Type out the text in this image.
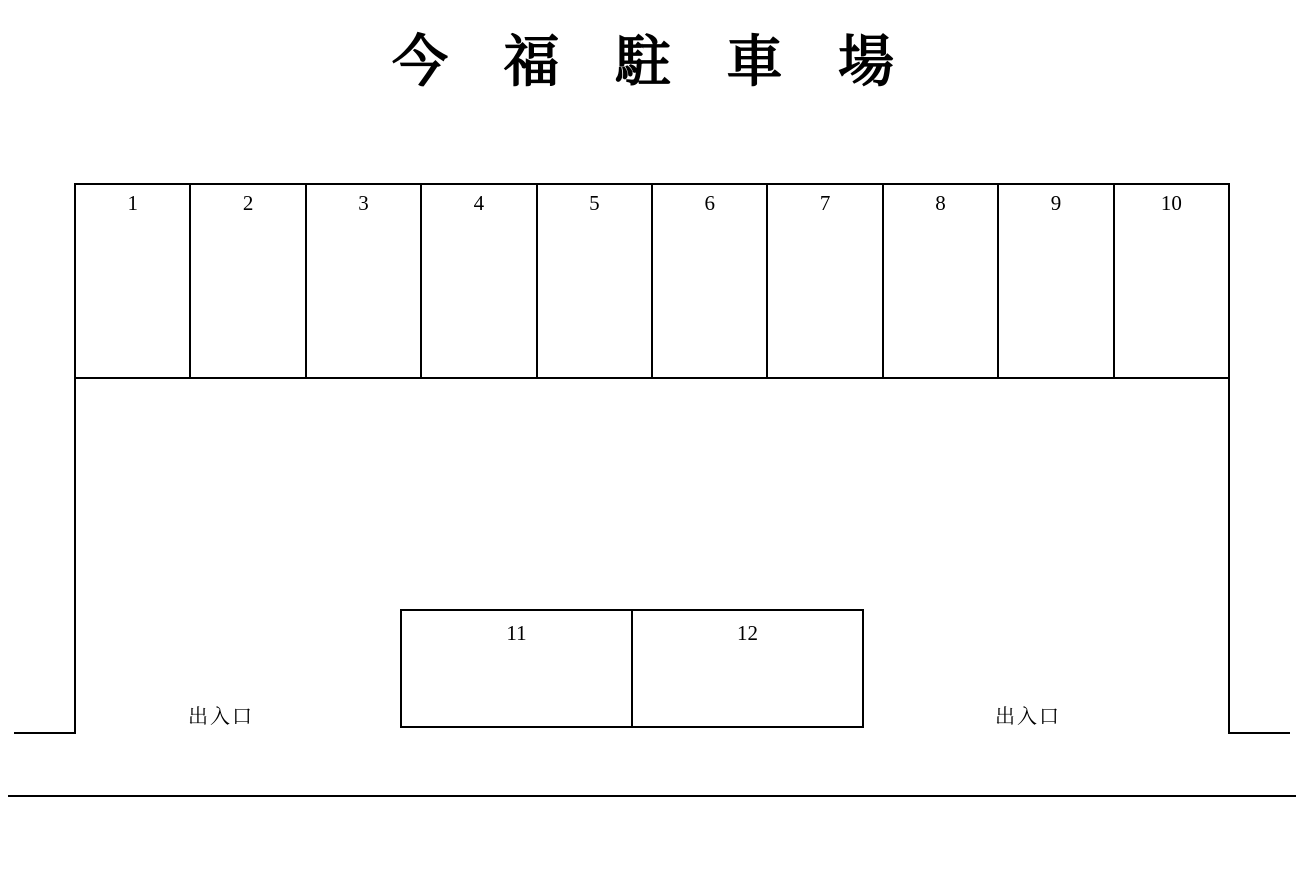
今 福 駐 車 場
1	2	3	4	5	6	7	8	9	10
11	12
出入口	出入口
